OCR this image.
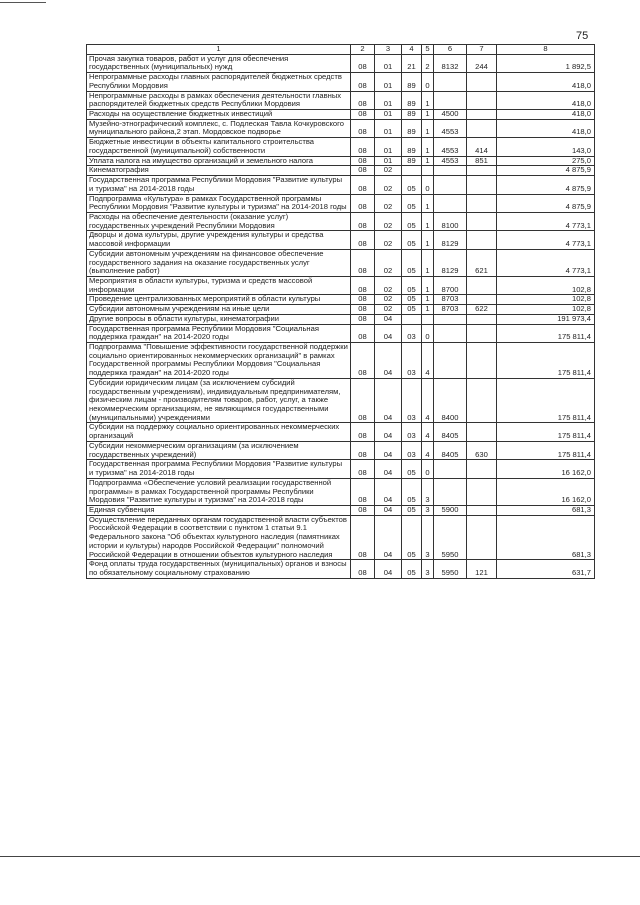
75
1	2	3	4	5	6	7	8
Прочая закупка товаров, работ и услуг для обеспечения государственных (муниципальных) нужд	08	01	21	2	8132	244	1 892,5
Непрограммные расходы главных распорядителей бюджетных средств Республики Мордовия	08	01	89	0			418,0
Непрограммные расходы в рамках обеспечения деятельности главных распорядителей бюджетных средств Республики Мордовия	08	01	89	1			418,0
Расходы на осуществление бюджетных инвестиций	08	01	89	1	4500		418,0
Музейно-этнографический комплекс, с. Подлеская Тавла Кочкуровского муниципального района,2 этап. Мордовское подворье	08	01	89	1	4553		418,0
Бюджетные инвестиции в объекты капитального строительства государственной (муниципальной) собственности	08	01	89	1	4553	414	143,0
Уплата налога на имущество организаций и земельного налога	08	01	89	1	4553	851	275,0
Кинематография	08	02					4 875,9
Государственная программа Республики Мордовия "Развитие культуры и туризма" на 2014-2018 годы	08	02	05	0			4 875,9
Подпрограмма «Культура» в рамках Государственной программы Республики Мордовия "Развитие культуры и туризма" на 2014-2018 годы	08	02	05	1			4 875,9
Расходы на обеспечение деятельности (оказание услуг) государственных учреждений Республики Мордовия	08	02	05	1	8100		4 773,1
Дворцы и дома культуры, другие учреждения культуры и средства массовой информации	08	02	05	1	8129		4 773,1
Субсидии автономным учреждениям на финансовое обеспечение государственного задания на оказание государственных услуг (выполнение работ)	08	02	05	1	8129	621	4 773,1
Мероприятия в области культуры, туризма и средств массовой информации	08	02	05	1	8700		102,8
Проведение централизованных мероприятий в области культуры	08	02	05	1	8703		102,8
Субсидии автономным учреждениям на иные цели	08	02	05	1	8703	622	102,8
Другие вопросы в области культуры, кинематографии	08	04					191 973,4
Государственная программа Республики Мордовия "Социальная поддержка граждан" на 2014-2020 годы	08	04	03	0			175 811,4
Подпрограмма "Повышение эффективности государственной поддержки социально ориентированных некоммерческих организаций" в рамках Государственной программы Республики Мордовия "Социальная поддержка граждан" на 2014-2020 годы	08	04	03	4			175 811,4
Субсидии юридическим лицам (за исключением субсидий государственным учреждениям), индивидуальным предпринимателям, физическим лицам - производителям товаров, работ, услуг, а также некоммерческим организациям, не являющимся государственными (муниципальными) учреждениями	08	04	03	4	8400		175 811,4
Субсидии на поддержку социально ориентированных некоммерческих организаций	08	04	03	4	8405		175 811,4
Субсидии некоммерческим организациям (за исключением государственных учреждений)	08	04	03	4	8405	630	175 811,4
Государственная программа Республики Мордовия "Развитие культуры и туризма" на 2014-2018 годы	08	04	05	0			16 162,0
Подпрограмма «Обеспечение условий реализации государственной программы» в рамках Государственной программы Республики Мордовия "Развитие культуры и туризма" на 2014-2018 годы	08	04	05	3			16 162,0
Единая субвенция	08	04	05	3	5900		681,3
Осуществление переданных органам государственной власти субъектов Российской Федерации в соответствии с пунктом 1 статьи 9.1 Федерального закона "Об объектах культурного наследия (памятниках истории и культуры) народов Российской Федерации" полномочий Российской Федерации в отношении объектов культурного наследия	08	04	05	3	5950		681,3
Фонд оплаты труда государственных (муниципальных) органов и взносы по обязательному социальному страхованию	08	04	05	3	5950	121	631,7
